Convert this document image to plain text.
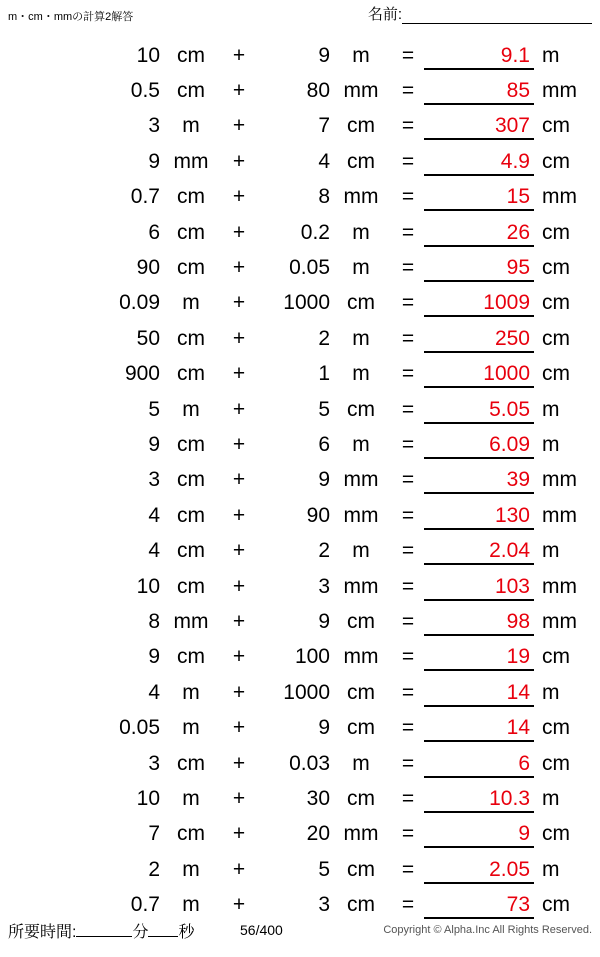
m・cm・mmの計算2解答	名前:
10 cm	+	9	m	=	9.1 m
0.5 cm	+	80 mm	=	85 mm
3	m	+	7 cm	=	307 cm
9 mm	+	4 cm	=	4.9 cm
0.7 cm	+	8 mm	=	15 mm
6 cm	+	0.2	m	=	26 cm
90 cm	+	0.05	m	=	95 cm
0.09	m	+	1000 cm	=	1009 cm
50 cm	+	2	m	=	250 cm
900 cm	+	1	m	=	1000 cm
5	m	+	5 cm	=	5.05 m
9 cm	+	6	m	=	6.09 m
3 cm	+	9 mm	=	39 mm
4 cm	+	90 mm	=	130 mm
4 cm	+	2	m	=	2.04 m
10 cm	+	3 mm	=	103 mm
8 mm	+	9 cm	=	98 mm
9 cm	+	100 mm	=	19 cm
4	m	+	1000 cm	=	14 m
0.05	m	+	9 cm	=	14 cm
3 cm	+	0.03	m	=	6 cm
10	m	+	30 cm	=	10.3 m
7 cm	+	20 mm	=	9 cm
2	m	+	5 cm	=	2.05 m
0.7	m	+	3 cm	=	73 cm
所要時間:	分 秒	56/400	Copyright © Alpha.Inc All Rights Reserved.
